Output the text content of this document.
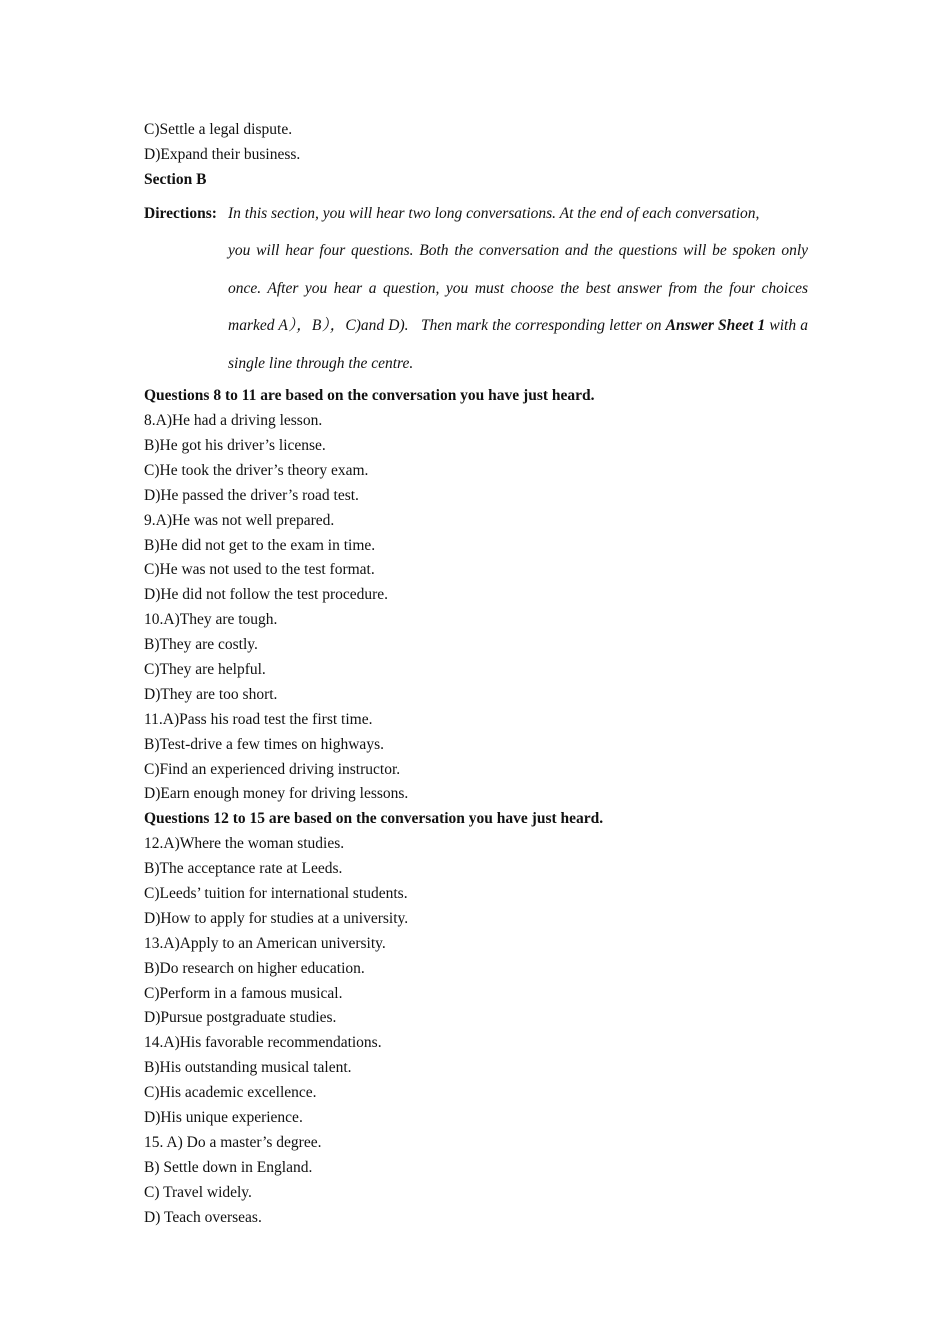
C)Settle a legal dispute.
D)Expand their business.
Section B
Directions: In this section, you will hear two long conversations. At the end of each conversation,
you will hear four questions. Both the conversation and the questions will be spoken only once. After you hear a question, you must choose the best answer from the four choices marked A），B），C)and D).   Then mark the corresponding letter on Answer Sheet 1 with a single line through the centre.
Questions 8 to 11 are based on the conversation you have just heard.
8.A)He had a driving lesson.
B)He got his driver’s license.
C)He took the driver’s theory exam.
D)He passed the driver’s road test.
9.A)He was not well prepared.
B)He did not get to the exam in time.
C)He was not used to the test format.
D)He did not follow the test procedure.
10.A)They are tough.
B)They are costly.
C)They are helpful.
D)They are too short.
11.A)Pass his road test the first time.
B)Test-drive a few times on highways.
C)Find an experienced driving instructor.
D)Earn enough money for driving lessons.
Questions 12 to 15 are based on the conversation you have just heard.
12.A)Where the woman studies.
B)The acceptance rate at Leeds.
C)Leeds’ tuition for international students.
D)How to apply for studies at a university.
13.A)Apply to an American university.
B)Do research on higher education.
C)Perform in a famous musical.
D)Pursue postgraduate studies.
14.A)His favorable recommendations.
B)His outstanding musical talent.
C)His academic excellence.
D)His unique experience.
15. A) Do a master’s degree.
B) Settle down in England.
C) Travel widely.
D) Teach overseas.
